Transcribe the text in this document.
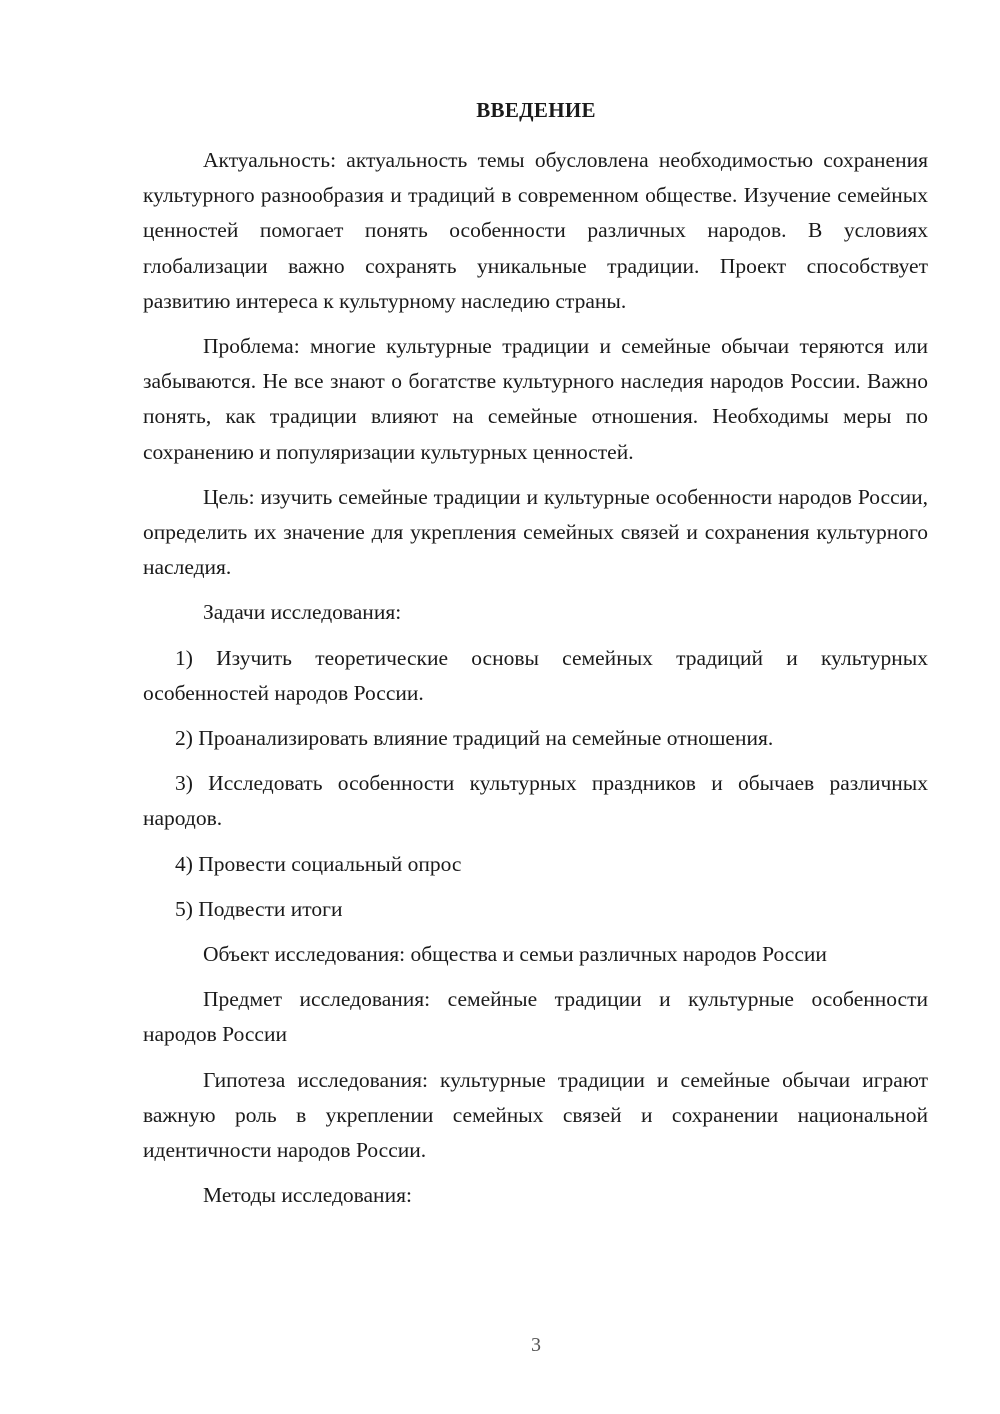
ВВЕДЕНИЕ

Актуальность: актуальность темы обусловлена необходимостью сохранения культурного разнообразия и традиций в современном обществе. Изучение семейных ценностей помогает понять особенности различных народов. В условиях глобализации важно сохранять уникальные традиции. Проект способствует развитию интереса к культурному наследию страны.

Проблема: многие культурные традиции и семейные обычаи теряются или забываются. Не все знают о богатстве культурного наследия народов России. Важно понять, как традиции влияют на семейные отношения. Необходимы меры по сохранению и популяризации культурных ценностей.

Цель: изучить семейные традиции и культурные особенности народов России, определить их значение для укрепления семейных связей и сохранения культурного наследия.

Задачи исследования:

1) Изучить теоретические основы семейных традиций и культурных особенностей народов России.

2) Проанализировать влияние традиций на семейные отношения.

3) Исследовать особенности культурных праздников и обычаев различных народов.

4) Провести социальный опрос

5) Подвести итоги

Объект исследования: общества и семьи различных народов России

Предмет исследования: семейные традиции и культурные особенности народов России

Гипотеза исследования: культурные традиции и семейные обычаи играют важную роль в укреплении семейных связей и сохранении национальной идентичности народов России.

Методы исследования:

3
